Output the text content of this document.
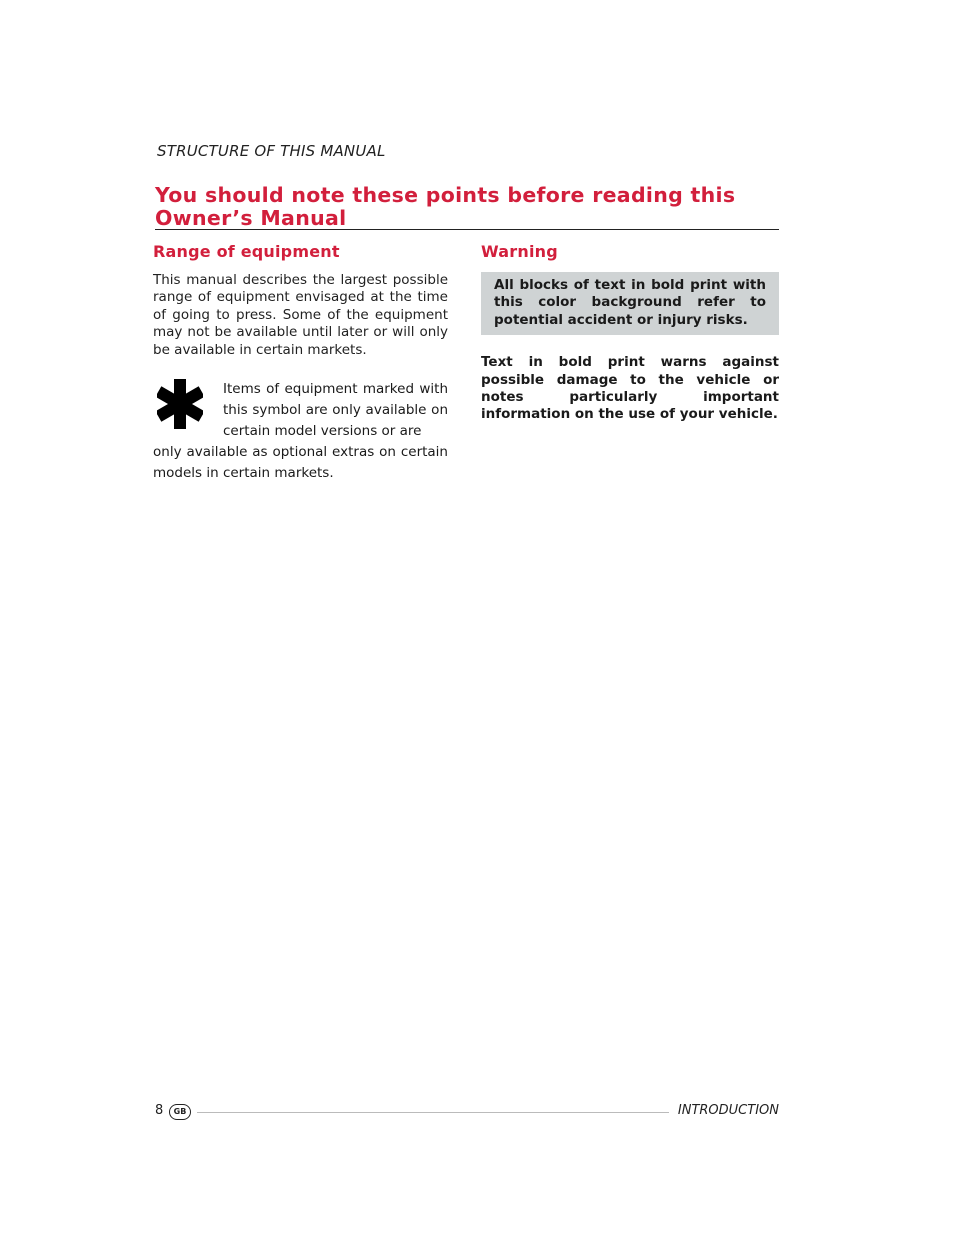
STRUCTURE OF THIS MANUAL
You should note these points before reading this
Owner’s Manual
Range of equipment

This manual describes the largest possible range of equipment envisaged at the time of going to press. Some of the equipment may not be available until later or will only be available in certain markets.

Items of equipment marked with this symbol are only available on certain model versions or are

only available as optional extras on certain models in certain markets.

Warning
All blocks of text in bold print with this color background refer to potential accident or injury risks.
Text in bold print warns against possible damage to the vehicle or notes particularly important information on the use of your vehicle.
8	GB	INTRODUCTION
